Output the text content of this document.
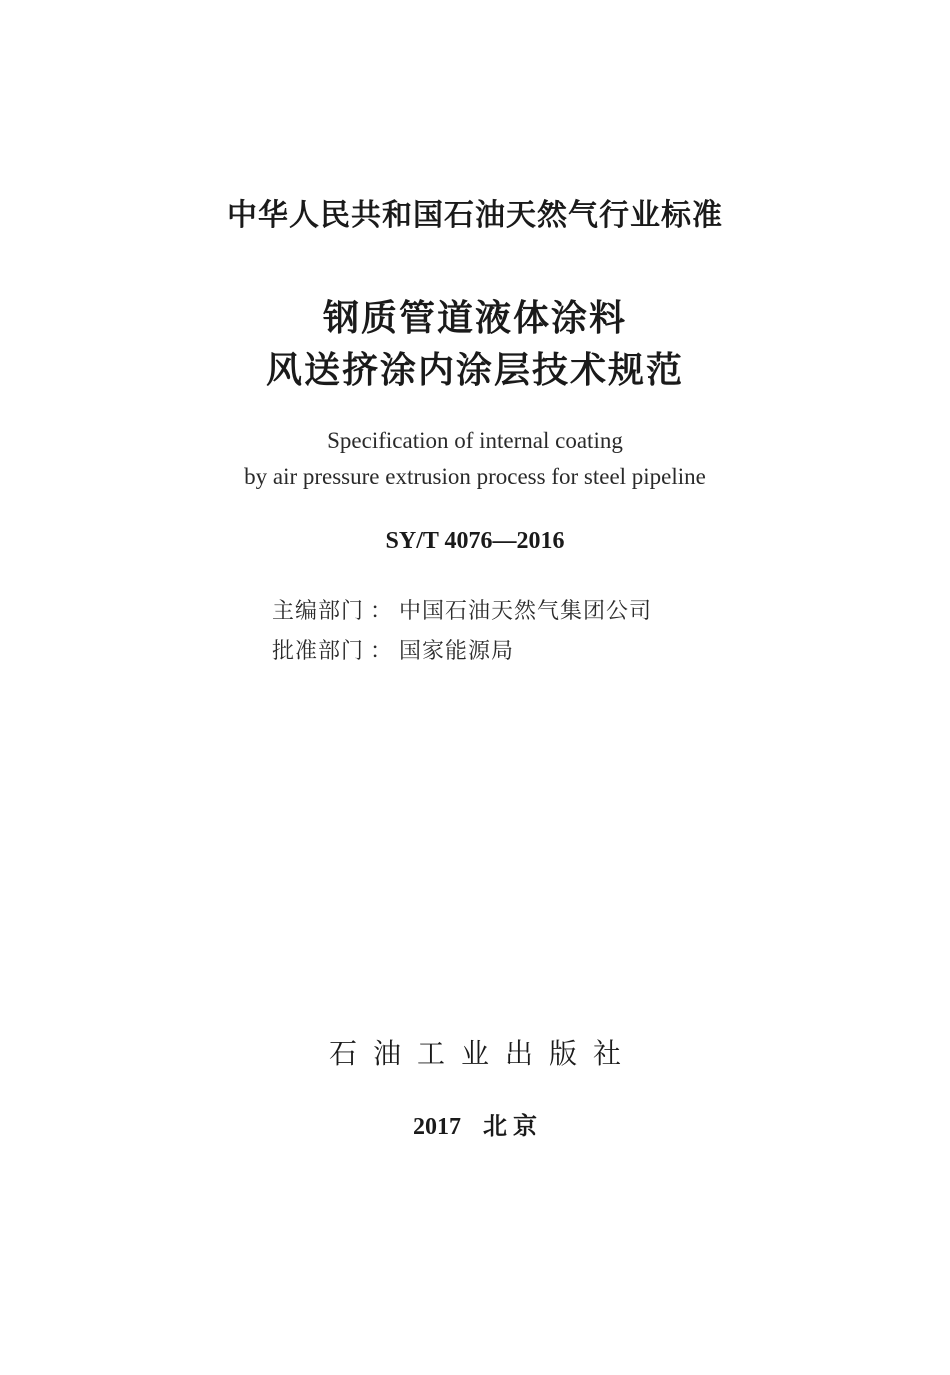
中华人民共和国石油天然气行业标准
钢质管道液体涂料
风送挤涂内涂层技术规范
Specification of internal coating
by air pressure extrusion process for steel pipeline
SY/T 4076—2016
主编部门 ： 中国石油天然气集团公司
批准部门 ： 国家能源局
石油工业出版社
2017 北 京
